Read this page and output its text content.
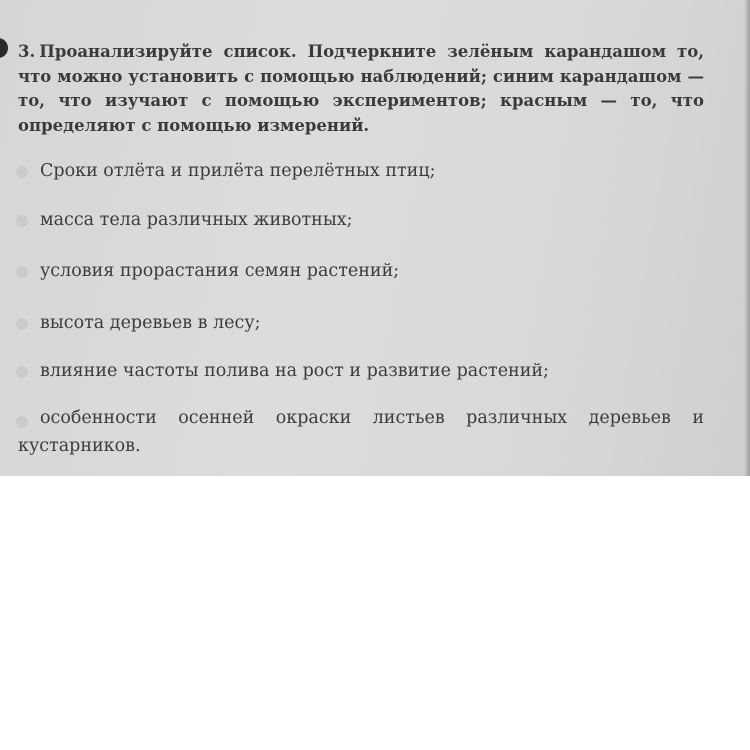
3. Проанализируйте список. Подчеркните зелёным карандашом то, что можно установить с помощью наблюдений; синим карандашом — то, что изучают с помощью экспериментов; красным — то, что определяют с помощью измерений.
Сроки отлёта и прилёта перелётных птиц;
масса тела различных животных;
условия прорастания семян растений;
высота деревьев в лесу;
влияние частоты полива на рост и развитие растений;
особенности осенней окраски листьев различных деревьев и кустарников.
